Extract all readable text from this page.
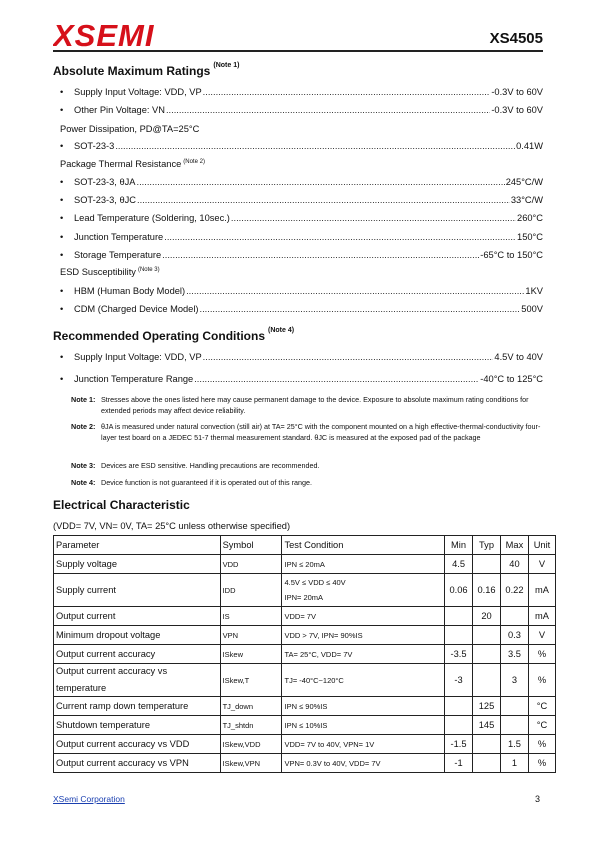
XSEMI	XS4505
Absolute Maximum Ratings $^{(Note 1)}$
•	Supply Input Voltage: VDD, VP .....	-0.3V to 60V
•	Other Pin Voltage: VN .....	-0.3V to 60V
Power Dissipation, PD@TA=25°C
•	SOT-23-3 .....	0.41W
Package Thermal Resistance $^{(Note 2)}$
•	SOT-23-3, θJA .....	245°C/W
•	SOT-23-3, θJC .....	33°C/W
•	Lead Temperature (Soldering, 10sec.) .....	260°C
•	Junction Temperature .....	150°C
•	Storage Temperature .....	-65°C to 150°C
ESD Susceptibility $^{(Note 3)}$
•	HBM (Human Body Model) .....	1KV
•	CDM (Charged Device Model) .....	500V
Recommended Operating Conditions $^{(Note 4)}$
•	Supply Input Voltage: VDD, VP .....	4.5V to 40V
•	Junction Temperature Range .....	-40°C to 125°C
Note 1: Stresses above the ones listed here may cause permanent damage to the device. Exposure to absolute maximum rating conditions for extended periods may affect device reliability.
Note 2: θJA is measured under natural convection (still air) at TA= 25°C with the component mounted on a high effective-thermal-conductivity four-layer test board on a JEDEC 51-7 thermal measurement standard. θJC is measured at the exposed pad of the package
Note 3: Devices are ESD sensitive. Handling precautions are recommended.
Note 4: Device function is not guaranteed if it is operated out of this range.
Electrical Characteristic
(VDD= 7V, VN= 0V, TA= 25°C unless otherwise specified)
Parameter	Symbol	Test Condition	Min	Typ	Max	Unit
Supply voltage	VDD	IPN ≤ 20mA	4.5		40	V
Supply current	IDD	4.5V ≤ VDD ≤ 40V
IPN= 20mA	0.06	0.16	0.22	mA
Output current	IS	VDD= 7V		20		mA
Minimum dropout voltage	VPN	VDD > 7V, IPN= 90%IS			0.3	V
Output current accuracy	ISkew	TA= 25°C, VDD= 7V	-3.5		3.5	%

Output current accuracy vs
temperature	ISkew,T	TJ= -40°C~120°C	-3		3	%
Current ramp down temperature	TJ_down	IPN ≤ 90%IS		125		°C
Shutdown temperature	TJ_shtdn	IPN ≤ 10%IS		145		°C
Output current accuracy vs VDD	ISkew,VDD	VDD= 7V to 40V, VPN= 1V	-1.5		1.5	%
Output current accuracy vs VPN	ISkew,VPN	VPN= 0.3V to 40V, VDD= 7V	-1		1	%
XSemi Corporation	3
